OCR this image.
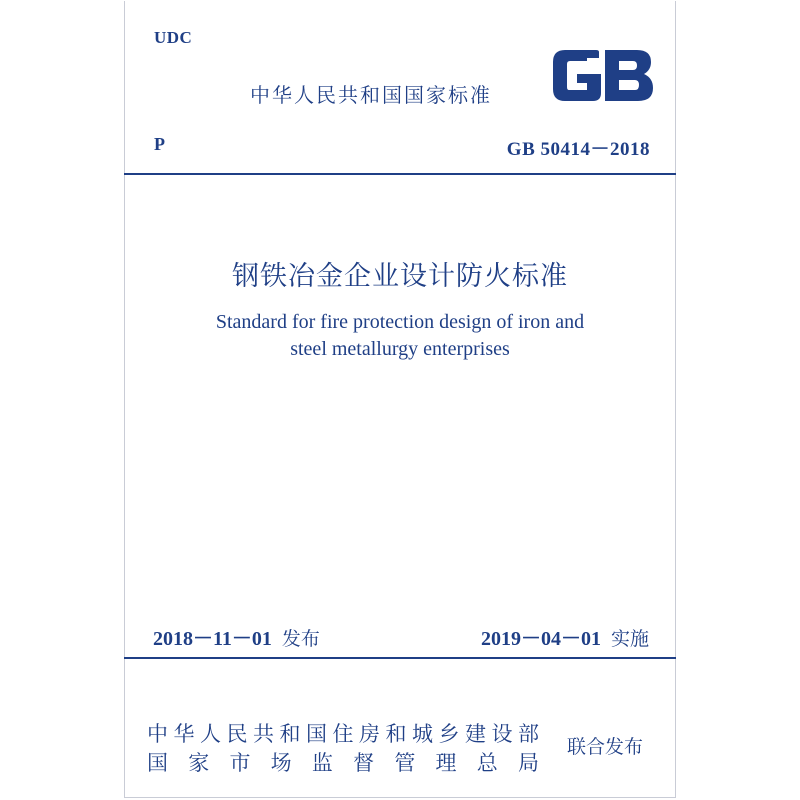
UDC
中华人民共和国国家标准
GB
P	GB 50414－2018
钢铁冶金企业设计防火标准
Standard for fire protection design of iron and
steel metallurgy enterprises
2018－11－01 发布	2019－04－01 实施
中 华 人 民 共 和 国 住 房 和 城 乡 建 设 部
国 家 市 场 监 督 管 理 总 局
联合发布
